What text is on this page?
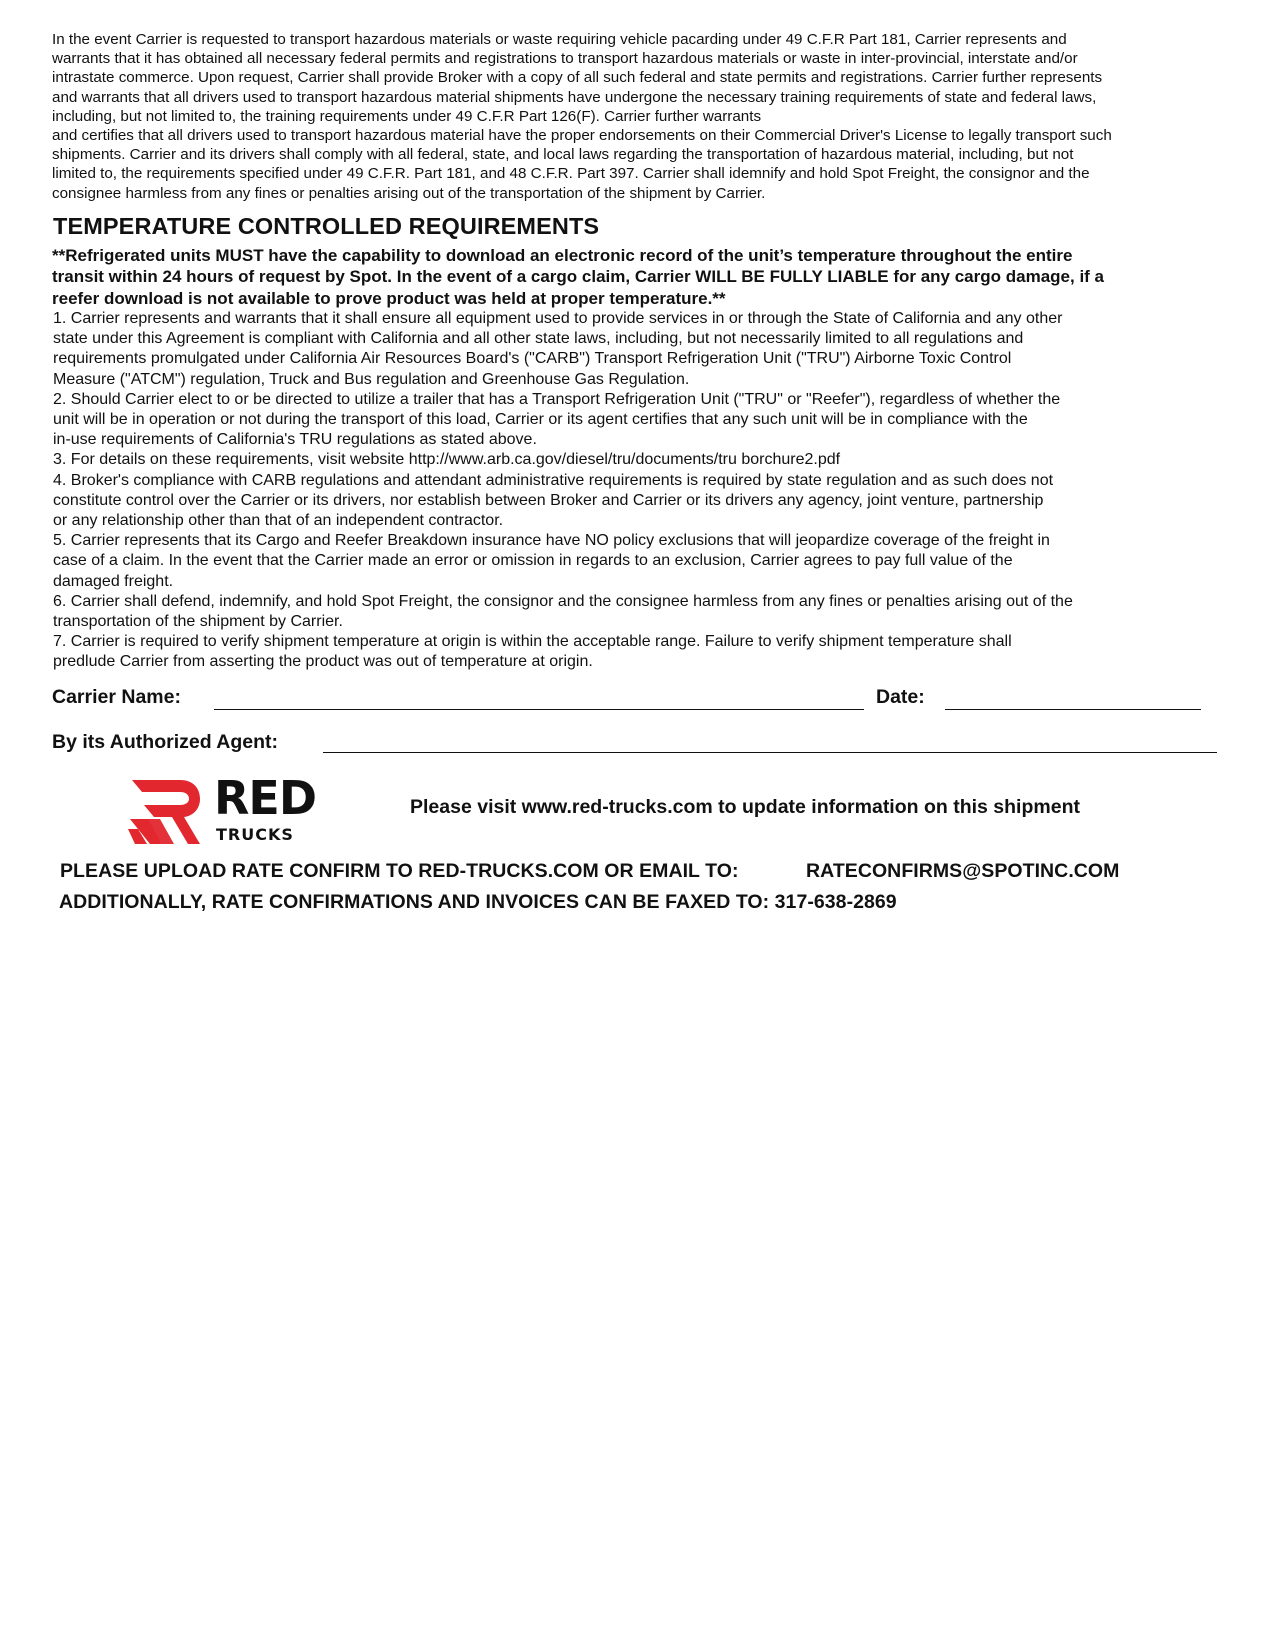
In the event Carrier is requested to transport hazardous materials or waste requiring vehicle pacarding under 49 C.F.R Part 181, Carrier represents and
warrants that it has obtained all necessary federal permits and registrations to transport hazardous materials or waste in inter-provincial, interstate and/or
intrastate commerce. Upon request, Carrier shall provide Broker with a copy of all such federal and state permits and registrations. Carrier further represents
and warrants that all drivers used to transport hazardous material shipments have undergone the necessary training requirements of state and federal laws,
including, but not limited to, the training requirements under 49 C.F.R Part 126(F). Carrier further warrants
and certifies that all drivers used to transport hazardous material have the proper endorsements on their Commercial Driver's License to legally transport such
shipments. Carrier and its drivers shall comply with all federal, state, and local laws regarding the transportation of hazardous material, including, but not
limited to, the requirements specified under 49 C.F.R. Part 181, and 48 C.F.R. Part 397. Carrier shall idemnify and hold Spot Freight, the consignor and the
consignee harmless from any fines or penalties arising out of the transportation of the shipment by Carrier.
TEMPERATURE CONTROLLED REQUIREMENTS
**Refrigerated units MUST have the capability to download an electronic record of the unit’s temperature throughout the entire
transit within 24 hours of request by Spot. In the event of a cargo claim, Carrier WILL BE FULLY LIABLE for any cargo damage, if a
reefer download is not available to prove product was held at proper temperature.**
1. Carrier represents and warrants that it shall ensure all equipment used to provide services in or through the State of California and any other
state under this Agreement is compliant with California and all other state laws, including, but not necessarily limited to all regulations and
requirements promulgated under California Air Resources Board's ("CARB") Transport Refrigeration Unit ("TRU") Airborne Toxic Control
Measure ("ATCM") regulation, Truck and Bus regulation and Greenhouse Gas Regulation.
2. Should Carrier elect to or be directed to utilize a trailer that has a Transport Refrigeration Unit ("TRU" or "Reefer"), regardless of whether the
unit will be in operation or not during the transport of this load, Carrier or its agent certifies that any such unit will be in compliance with the
in-use requirements of California's TRU regulations as stated above.
3. For details on these requirements, visit website http://www.arb.ca.gov/diesel/tru/documents/tru borchure2.pdf
4. Broker's compliance with CARB regulations and attendant administrative requirements is required by state regulation and as such does not
constitute control over the Carrier or its drivers, nor establish between Broker and Carrier or its drivers any agency, joint venture, partnership
or any relationship other than that of an independent contractor.
5. Carrier represents that its Cargo and Reefer Breakdown insurance have NO policy exclusions that will jeopardize coverage of the freight in
case of a claim. In the event that the Carrier made an error or omission in regards to an exclusion, Carrier agrees to pay full value of the
damaged freight.
6. Carrier shall defend, indemnify, and hold Spot Freight, the consignor and the consignee harmless from any fines or penalties arising out of the
transportation of the shipment by Carrier.
7. Carrier is required to verify shipment temperature at origin is within the acceptable range. Failure to verify shipment temperature shall
predlude Carrier from asserting the product was out of temperature at origin.
Carrier Name:	Date:
By its Authorized Agent:
RED
TRUCKS
Please visit www.red-trucks.com to update information on this shipment
PLEASE UPLOAD RATE CONFIRM TO RED-TRUCKS.COM OR EMAIL TO:	RATECONFIRMS@SPOTINC.COM
ADDITIONALLY, RATE CONFIRMATIONS AND INVOICES CAN BE FAXED TO: 317-638-2869
